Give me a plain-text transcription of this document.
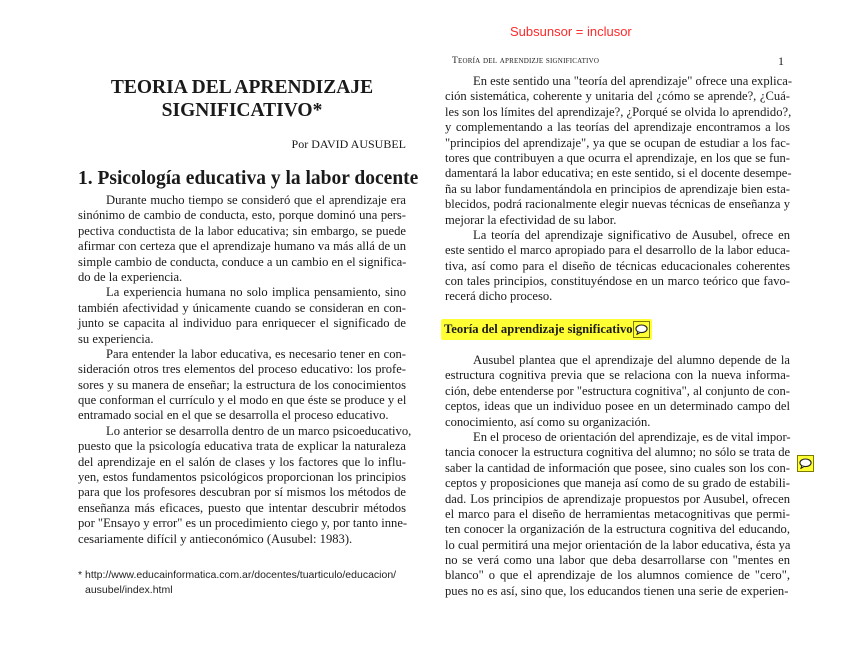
Subsunsor = inclusor
TEORIA DEL APRENDIZAJE
SIGNIFICATIVO*
Por DAVID AUSUBEL
1. Psicología educativa y la labor docente
Durante mucho tiempo se consideró que el aprendizaje era
sinónimo de cambio de conducta, esto, porque dominó una pers-
pectiva conductista de la labor educativa; sin embargo, se puede
afirmar con certeza que el aprendizaje humano va más allá de un
simple cambio de conducta, conduce a un cambio en el significa-
do de la experiencia.
La experiencia humana no solo implica pensamiento, sino
también afectividad y únicamente cuando se consideran en con-
junto se capacita al individuo para enriquecer el significado de
su experiencia.
Para entender la labor educativa, es necesario tener en con-
sideración otros tres elementos del proceso educativo: los profe-
sores y su manera de enseñar; la estructura de los conocimientos
que conforman el currículo y el modo en que éste se produce y el
entramado social en el que se desarrolla el proceso educativo.
Lo anterior se desarrolla dentro de un marco psicoeducativo,
puesto que la psicología educativa trata de explicar la naturaleza
del aprendizaje en el salón de clases y los factores que lo influ-
yen, estos fundamentos psicológicos proporcionan los principios
para que los profesores descubran por sí mismos los métodos de
enseñanza más eficaces, puesto que intentar descubrir métodos
por "Ensayo y error" es un procedimiento ciego y, por tanto inne-
cesariamente difícil y antieconómico (Ausubel: 1983).
* http://www.educainformatica.com.ar/docentes/tuarticulo/educacion/
ausubel/index.html
Teoría del aprendizje significativo	1
En este sentido una "teoría del aprendizaje" ofrece una explica-
ción sistemática, coherente y unitaria del ¿cómo se aprende?, ¿Cuá-
les son los límites del aprendizaje?, ¿Porqué se olvida lo aprendido?,
y complementando a las teorías del aprendizaje encontramos a los
"principios del aprendizaje", ya que se ocupan de estudiar a los fac-
tores que contribuyen a que ocurra el aprendizaje, en los que se fun-
damentará la labor educativa; en este sentido, si el docente desempe-
ña su labor fundamentándola en principios de aprendizaje bien esta-
blecidos, podrá racionalmente elegir nuevas técnicas de enseñanza y
mejorar la efectividad de su labor.
La teoría del aprendizaje significativo de Ausubel, ofrece en
este sentido el marco apropiado para el desarrollo de la labor educa-
tiva, así como para el diseño de técnicas educacionales coherentes
con tales principios, constituyéndose en un marco teórico que favo-
recerá dicho proceso.
Teoría del aprendizaje significativo
Ausubel plantea que el aprendizaje del alumno depende de la
estructura cognitiva previa que se relaciona con la nueva informa-
ción, debe entenderse por "estructura cognitiva", al conjunto de con-
ceptos, ideas que un individuo posee en un determinado campo del
conocimiento, así como su organización.
En el proceso de orientación del aprendizaje, es de vital impor-
tancia conocer la estructura cognitiva del alumno; no sólo se trata de
saber la cantidad de información que posee, sino cuales son los con-
ceptos y proposiciones que maneja así como de su grado de estabili-
dad. Los principios de aprendizaje propuestos por Ausubel, ofrecen
el marco para el diseño de herramientas metacognitivas que permi-
ten conocer la organización de la estructura cognitiva del educando,
lo cual permitirá una mejor orientación de la labor educativa, ésta ya
no se verá como una labor que deba desarrollarse con "mentes en
blanco" o que el aprendizaje de los alumnos comience de "cero",
pues no es así, sino que, los educandos tienen una serie de experien-
